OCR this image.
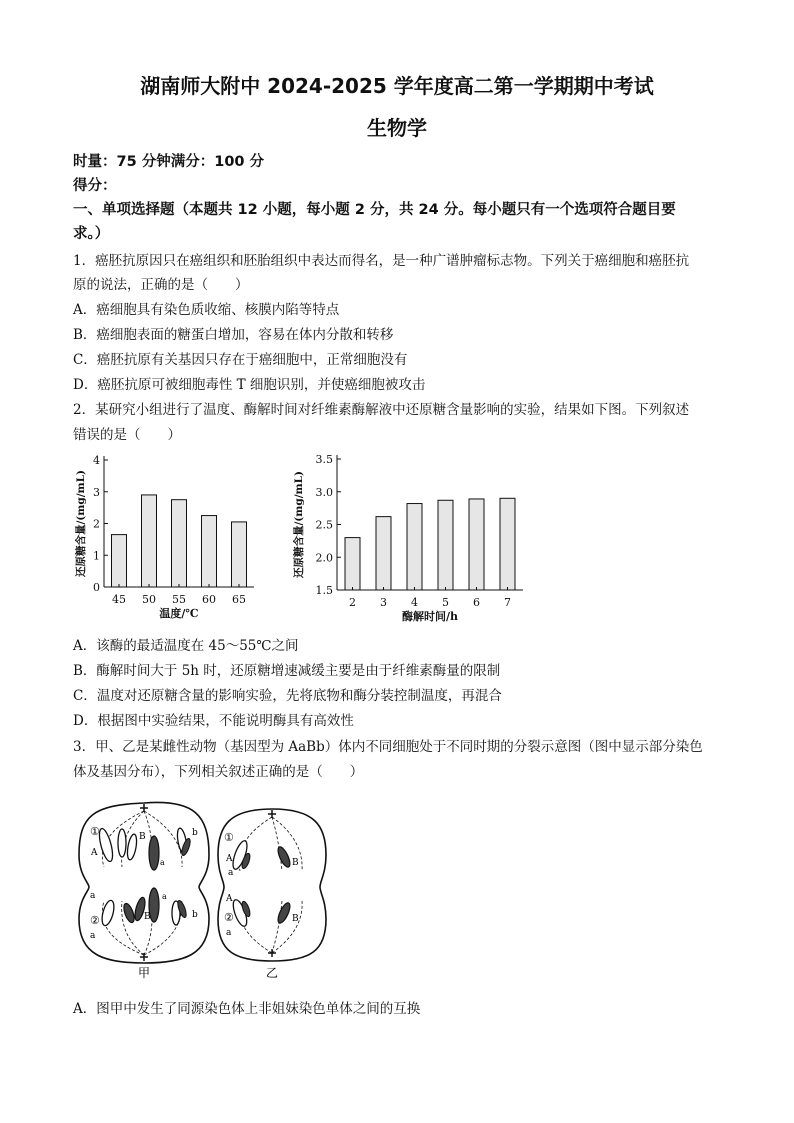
湖南师大附中 2024-2025 学年度高二第一学期期中考试
生物学
时量：75 分钟满分：100 分
得分：
一、单项选择题（本题共 12 小题，每小题 2 分，共 24 分。每小题只有一个选项符合题目要
求。）
1．癌胚抗原因只在癌组织和胚胎组织中表达而得名，是一种广谱肿瘤标志物。下列关于癌细胞和癌胚抗
原的说法，正确的是（　　）
A．癌细胞具有染色质收缩、核膜内陷等特点
B．癌细胞表面的糖蛋白增加，容易在体内分散和转移
C．癌胚抗原有关基因只存在于癌细胞中，正常细胞没有
D．癌胚抗原可被细胞毒性 T 细胞识别，并使癌细胞被攻击
2．某研究小组进行了温度、酶解时间对纤维素酶解液中还原糖含量影响的实验，结果如下图。下列叙述
错误的是（　　）
0
1
2
3
4
45 50 55 60 65
温度/℃
还原糖含量/(mg/mL)
1.5
2.0
2.5
3.0
3.5
2 3 4 5 6 7
酶解时间/h
还原糖含量/(mg/mL)
A．该酶的最适温度在 45～55℃之间
B．酶解时间大于 5h 时，还原糖增速减缓主要是由于纤维素酶量的限制
C．温度对还原糖含量的影响实验，先将底物和酶分装控制温度，再混合
D．根据图中实验结果，不能说明酶具有高效性
3．甲、乙是某雌性动物（基因型为 AaBb）体内不同细胞处于不同时期的分裂示意图（图中显示部分染色
体及基因分布），下列相关叙述正确的是（　　）
①
A
B
a
b
a
②
a
B
a
b
甲
①
A
a
B
A
②
a
B
乙
A．图甲中发生了同源染色体上非姐妹染色单体之间的互换
